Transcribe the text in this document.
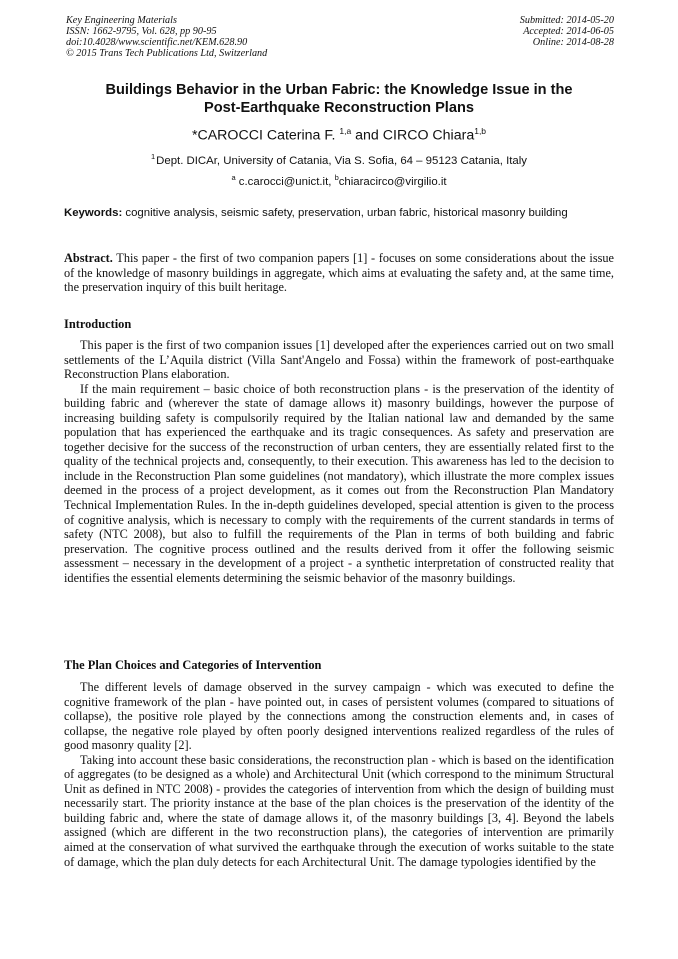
Key Engineering Materials
ISSN: 1662-9795, Vol. 628, pp 90-95
doi:10.4028/www.scientific.net/KEM.628.90
© 2015 Trans Tech Publications Ltd, Switzerland
Submitted: 2014-05-20
Accepted: 2014-06-05
Online: 2014-08-28
Buildings Behavior in the Urban Fabric: the Knowledge Issue in the
Post-Earthquake Reconstruction Plans
*CAROCCI Caterina F. $^{1,a}$ and CIRCO Chiara$^{1,b}$
$^1$ Dept. DICAr, University of Catania, Via S. Sofia, 64 – 95123 Catania, Italy
$^a$ c.carocci@unict.it, $^b$chiaracirco@virgilio.it
Keywords: cognitive analysis, seismic safety, preservation, urban fabric, historical masonry building

Abstract. This paper - the first of two companion papers [1] - focuses on some considerations about the issue of the knowledge of masonry buildings in aggregate, which aims at evaluating the safety and, at the same time, the preservation inquiry of this built heritage.

Introduction

This paper is the first of two companion issues [1] developed after the experiences carried out on two small settlements of the L’Aquila district (Villa Sant'Angelo and Fossa) within the framework of post-earthquake Reconstruction Plans elaboration.

If the main requirement – basic choice of both reconstruction plans - is the preservation of the identity of building fabric and (wherever the state of damage allows it) masonry buildings, however the purpose of increasing building safety is compulsorily required by the Italian national law and demanded by the same population that has experienced the earthquake and its tragic consequences. As safety and preservation are together decisive for the success of the reconstruction of urban centers, they are essentially related first to the quality of the technical projects and, consequently, to their execution. This awareness has led to the decision to include in the Reconstruction Plan some guidelines (not mandatory), which illustrate the more complex issues deemed in the process of a project development, as it comes out from the Reconstruction Plan Mandatory Technical Implementation Rules. In the in-depth guidelines developed, special attention is given to the process of cognitive analysis, which is necessary to comply with the requirements of the current standards in terms of safety (NTC 2008), but also to fulfill the requirements of the Plan in terms of both building and fabric preservation. The cognitive process outlined and the results derived from it offer the following seismic assessment – necessary in the development of a project - a synthetic interpretation of constructed reality that identifies the essential elements determining the seismic behavior of the masonry buildings.

The Plan Choices and Categories of Intervention

The different levels of damage observed in the survey campaign - which was executed to define the cognitive framework of the plan - have pointed out, in cases of persistent volumes (compared to situations of collapse), the positive role played by the connections among the construction elements and, in cases of collapse, the negative role played by often poorly designed interventions realized regardless of the rules of good masonry quality [2].

Taking into account these basic considerations, the reconstruction plan - which is based on the identification of aggregates (to be designed as a whole) and Architectural Unit (which correspond to the minimum Structural Unit as defined in NTC 2008) - provides the categories of intervention from which the design of building must necessarily start. The priority instance at the base of the plan choices is the preservation of the identity of the building fabric and, where the state of damage allows it, of the masonry buildings [3, 4]. Beyond the labels assigned (which are different in the two reconstruction plans), the categories of intervention are primarily aimed at the conservation of what survived the earthquake through the execution of works suitable to the state of damage, which the plan duly detects for each Architectural Unit. The damage typologies identified by the
